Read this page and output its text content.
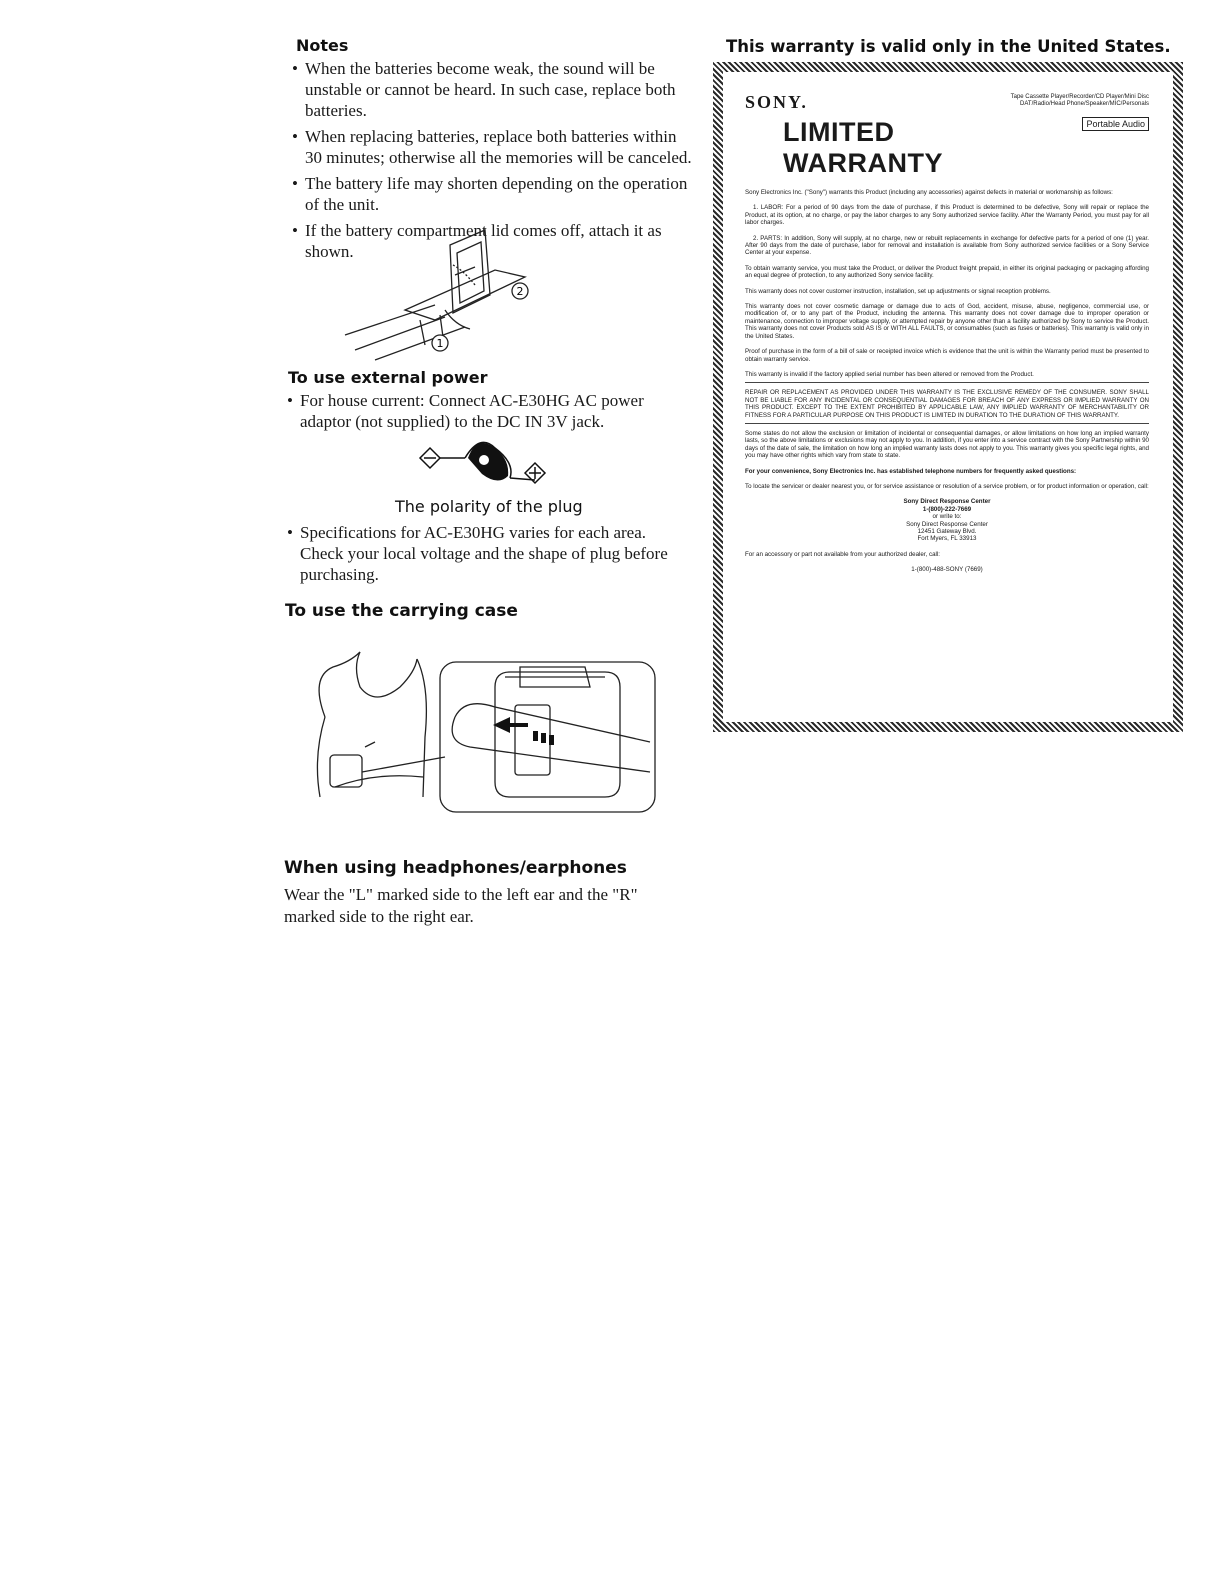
Notes
• When the batteries become weak, the sound will be unstable or cannot be heard. In such case, replace both batteries.
• When replacing batteries, replace both batteries within 30 minutes; otherwise all the memories will be canceled.
• The battery life may shorten depending on the operation of the unit.
• If the battery compartment lid comes off, attach it as shown.
2
1
To use external power
• For house current: Connect AC-E30HG AC power adaptor (not supplied) to the DC IN 3V jack.
The polarity of the plug
• Specifications for AC-E30HG varies for each area. Check your local voltage and the shape of plug before purchasing.
To use the carrying case
When using headphones/earphones
Wear the "L" marked side to the left ear and the "R"
marked side to the right ear.
This warranty is valid only in the United States.
SONY.	Tape Cassette Player/Recorder/CD Player/Mini Disc
DAT/Radio/Head Phone/Speaker/MIC/Personals
LIMITED WARRANTY
Portable Audio

Sony Electronics Inc. ("Sony") warrants this Product (including any accessories) against defects in material or workmanship as follows:

1. LABOR: For a period of 90 days from the date of purchase, if this Product is determined to be defective, Sony will repair or replace the Product, at its option, at no charge, or pay the labor charges to any Sony authorized service facility. After the Warranty Period, you must pay for all labor charges.

2. PARTS: In addition, Sony will supply, at no charge, new or rebuilt replacements in exchange for defective parts for a period of one (1) year. After 90 days from the date of purchase, labor for removal and installation is available from Sony authorized service facilities or a Sony Service Center at your expense.

To obtain warranty service, you must take the Product, or deliver the Product freight prepaid, in either its original packaging or packaging affording an equal degree of protection, to any authorized Sony service facility.

This warranty does not cover customer instruction, installation, set up adjustments or signal reception problems.

This warranty does not cover cosmetic damage or damage due to acts of God, accident, misuse, abuse, negligence, commercial use, or modification of, or to any part of the Product, including the antenna. This warranty does not cover damage due to improper operation or maintenance, connection to improper voltage supply, or attempted repair by anyone other than a facility authorized by Sony to service the Product. This warranty does not cover Products sold AS IS or WITH ALL FAULTS, or consumables (such as fuses or batteries). This warranty is valid only in the United States.

Proof of purchase in the form of a bill of sale or receipted invoice which is evidence that the unit is within the Warranty period must be presented to obtain warranty service.

This warranty is invalid if the factory applied serial number has been altered or removed from the Product.

REPAIR OR REPLACEMENT AS PROVIDED UNDER THIS WARRANTY IS THE EXCLUSIVE REMEDY OF THE CONSUMER. SONY SHALL NOT BE LIABLE FOR ANY INCIDENTAL OR CONSEQUENTIAL DAMAGES FOR BREACH OF ANY EXPRESS OR IMPLIED WARRANTY ON THIS PRODUCT. EXCEPT TO THE EXTENT PROHIBITED BY APPLICABLE LAW, ANY IMPLIED WARRANTY OF MERCHANTABILITY OR FITNESS FOR A PARTICULAR PURPOSE ON THIS PRODUCT IS LIMITED IN DURATION TO THE DURATION OF THIS WARRANTY.

Some states do not allow the exclusion or limitation of incidental or consequential damages, or allow limitations on how long an implied warranty lasts, so the above limitations or exclusions may not apply to you. In addition, if you enter into a service contract with the Sony Partnership within 90 days of the date of sale, the limitation on how long an implied warranty lasts does not apply to you. This warranty gives you specific legal rights, and you may have other rights which vary from state to state.

For your convenience, Sony Electronics Inc. has established telephone numbers for frequently asked questions:

To locate the servicer or dealer nearest you, or for service assistance or resolution of a service problem, or for product information or operation, call:

Sony Direct Response Center
1-(800)-222-7669
or write to:
Sony Direct Response Center
12451 Gateway Blvd.
Fort Myers, FL 33913

For an accessory or part not available from your authorized dealer, call:

1-(800)-488-SONY (7669)
